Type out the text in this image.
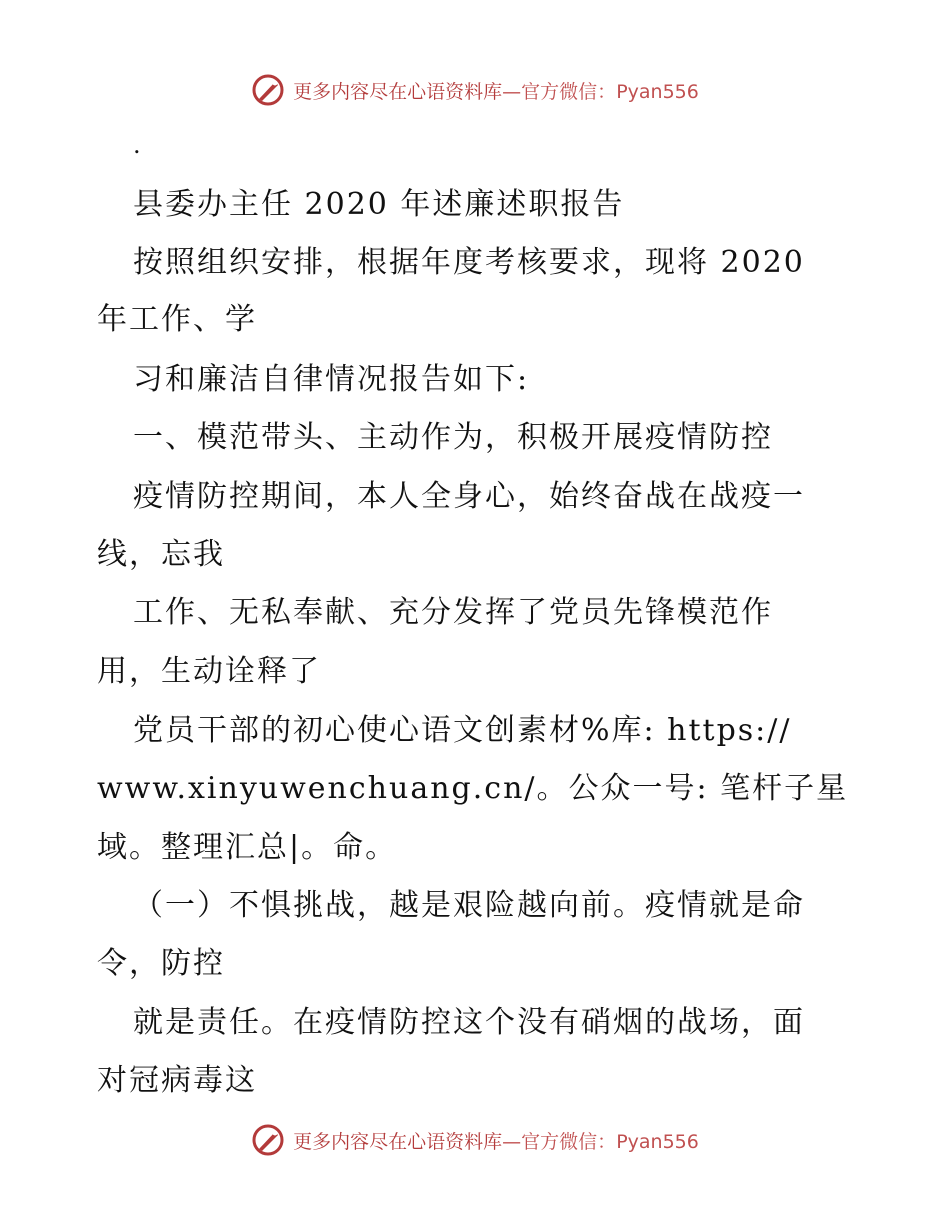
更多内容尽在心语资料库—官方微信：Pyan556
.
县委办主任 2020 年述廉述职报告
按照组织安排，根据年度考核要求，现将 2020
年工作、学
习和廉洁自律情况报告如下:
一、模范带头、主动作为，积极开展疫情防控
疫情防控期间，本人全身心，始终奋战在战疫一
线，忘我
工作、无私奉献、充分发挥了党员先锋模范作
用，生动诠释了
党员干部的初心使心语文创素材%库: https://
www.xinyuwenchuang.cn/。公众一号: 笔杆子星
域。整理汇总|。命。
（一）不惧挑战，越是艰险越向前。疫情就是命
令，防控
就是责任。在疫情防控这个没有硝烟的战场，面
对冠病毒这
更多内容尽在心语资料库—官方微信：Pyan556
